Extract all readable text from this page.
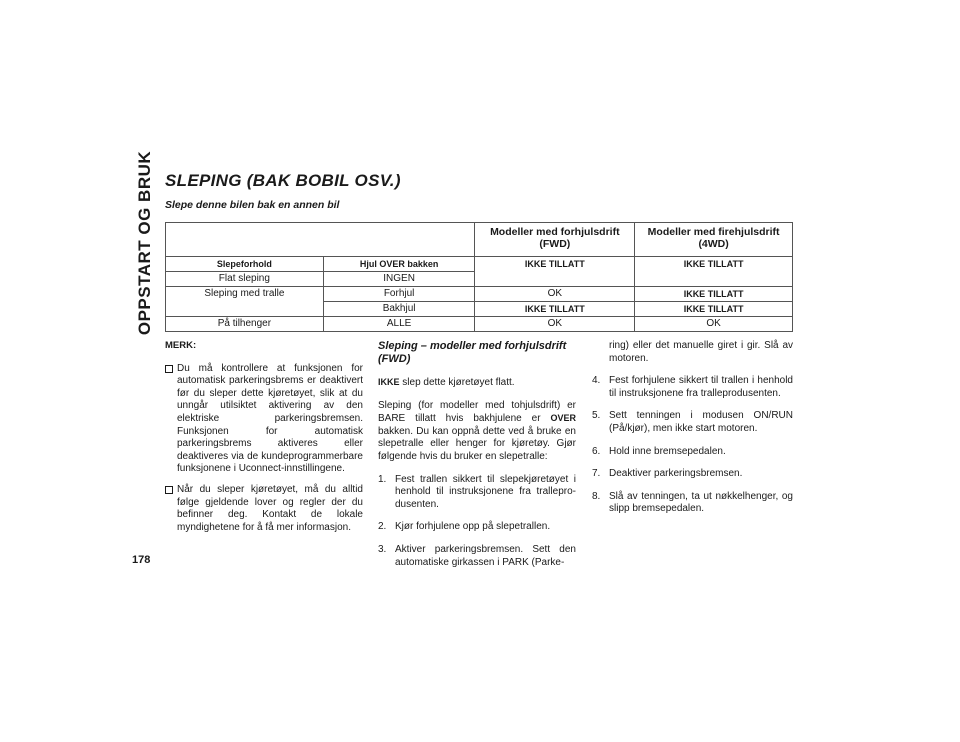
OPPSTART OG BRUK
178
SLEPING (BAK BOBIL OSV.)
Slepe denne bilen bak en annen bil
		Modeller med forhjulsdrift (FWD)	Modeller med firehjulsdrift (4WD)
Slepeforhold	Hjul OVER bakken	IKKE TILLATT	IKKE TILLATT
Flat sleping	INGEN		
Sleping med tralle	Forhjul	OK	IKKE TILLATT
	Bakhjul	IKKE TILLATT	IKKE TILLATT
På tilhenger	ALLE	OK	OK
MERK:
Du må kontrollere at funksjonen for automatisk parkeringsbrems er deaktivert før du sleper dette kjøretøyet, slik at du unngår utilsiktet aktivering av den elektriske parkeringsbremsen. Funksjonen for automatisk parkeringsbrems aktiveres eller deaktiveres via de kundeprogrammerbare funksjonene i Uconnect-innstillingene.
Når du sleper kjøretøyet, må du alltid følge gjeldende lover og regler der du befinner deg. Kontakt de lokale myndighetene for å få mer informasjon.
Sleping – modeller med forhjulsdrift (FWD)

IKKE slep dette kjøretøyet flatt.

Sleping (for modeller med tohjulsdrift) er BARE tillatt hvis bakhjulene er OVER bakken. Du kan oppnå dette ved å bruke en slepetralle eller henger for kjøretøy. Gjør følgende hvis du bruker en slepetralle:

1. Fest trallen sikkert til slepekjøretøyet i henhold til instruksjonene fra tralleprodusenten.
2. Kjør forhjulene opp på slepetrallen.
3. Aktiver parkeringsbremsen. Sett den automatiske girkassen i PARK (Parke-
ring) eller det manuelle giret i gir. Slå av motoren.
4. Fest forhjulene sikkert til trallen i henhold til instruksjonene fra tralleprodusenten.
5. Sett tenningen i modusen ON/RUN (På/kjør), men ikke start motoren.
6. Hold inne bremsepedalen.
7. Deaktiver parkeringsbremsen.
8. Slå av tenningen, ta ut nøkkelhenger, og slipp bremsepedalen.
